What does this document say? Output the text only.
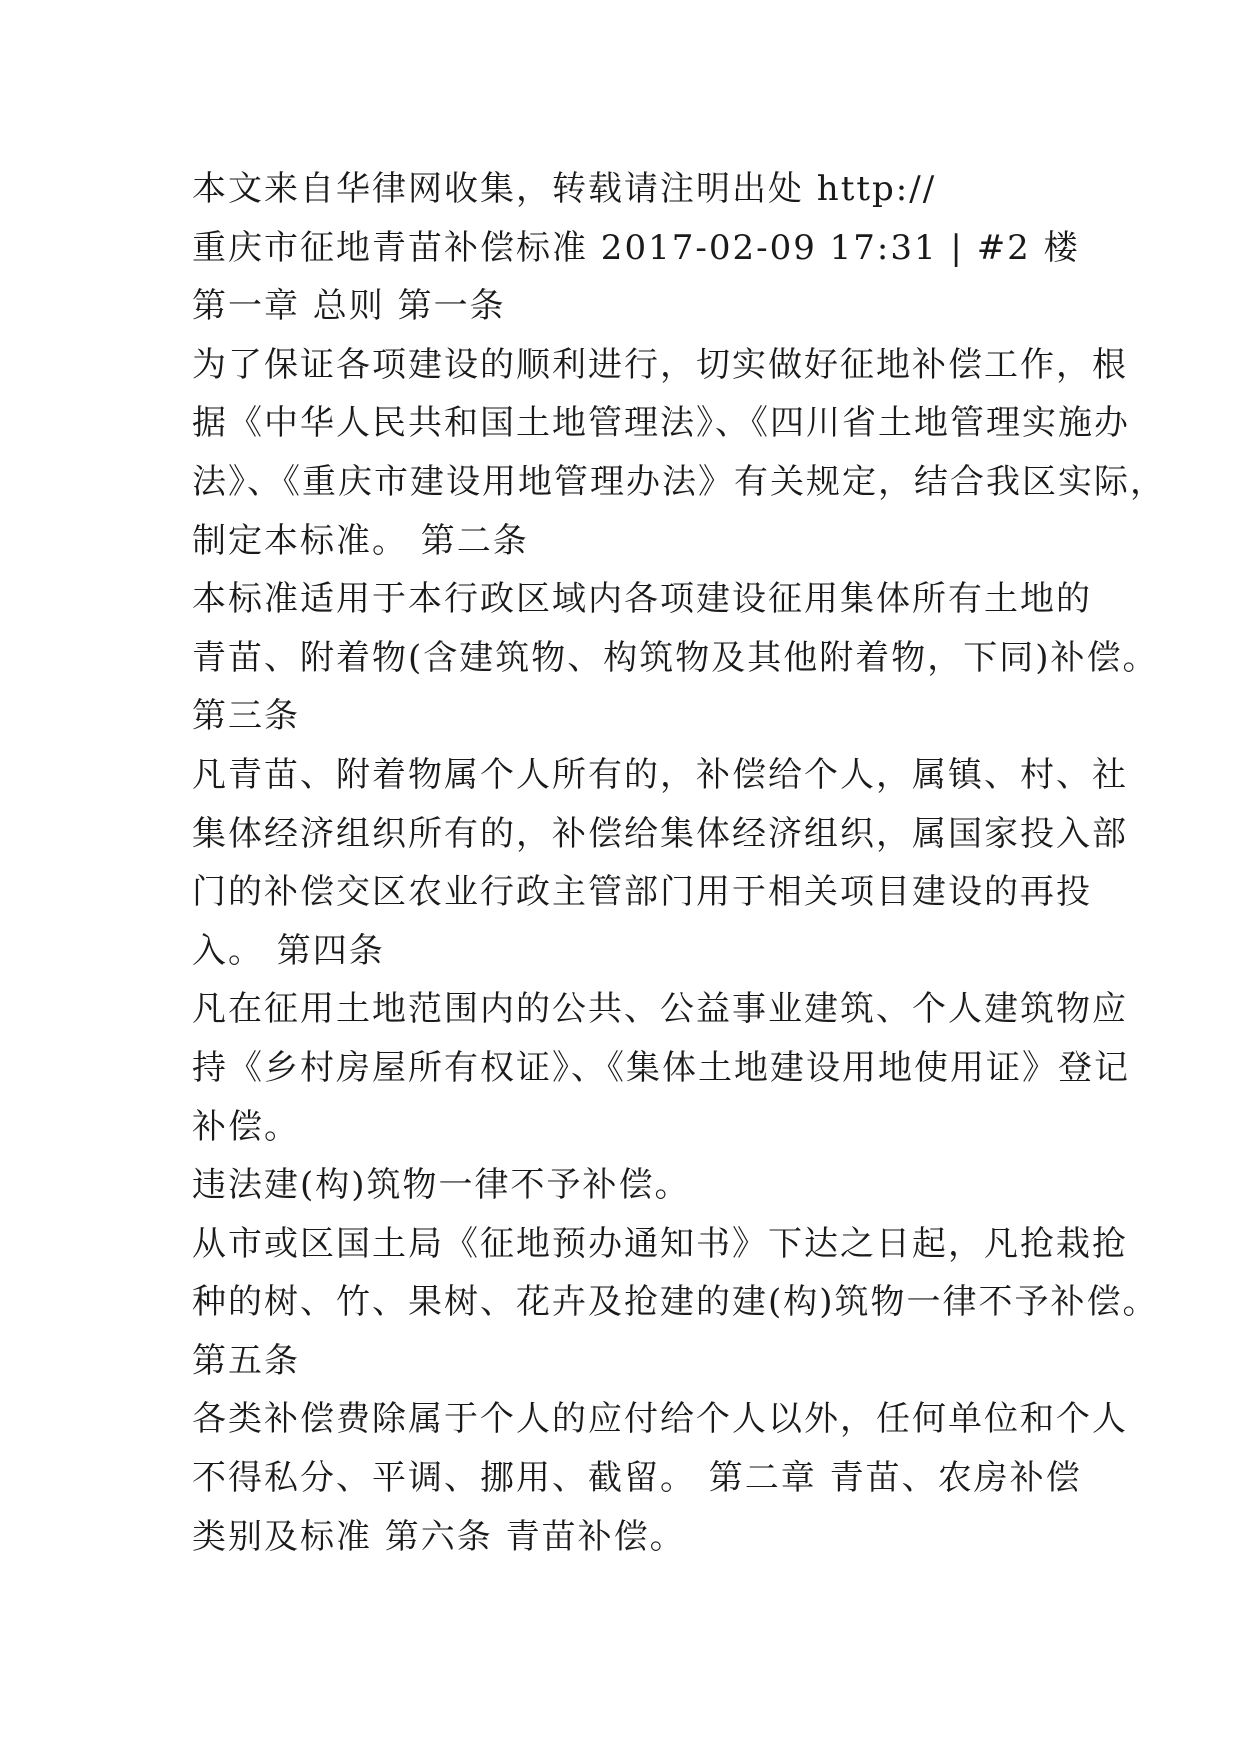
本文来自华律网收集，转载请注明出处 http://
重庆市征地青苗补偿标准 2017-02-09 17:31 | #2 楼
第一章 总则 第一条
为了保证各项建设的顺利进行，切实做好征地补偿工作，根
据《中华人民共和国土地管理法》、《四川省土地管理实施办
法》、《重庆市建设用地管理办法》有关规定，结合我区实际，
制定本标准。 第二条
本标准适用于本行政区域内各项建设征用集体所有土地的
青苗、附着物(含建筑物、构筑物及其他附着物，下同)补偿。
第三条
凡青苗、附着物属个人所有的，补偿给个人，属镇、村、社
集体经济组织所有的，补偿给集体经济组织，属国家投入部
门的补偿交区农业行政主管部门用于相关项目建设的再投
入。 第四条
凡在征用土地范围内的公共、公益事业建筑、个人建筑物应
持《乡村房屋所有权证》、《集体土地建设用地使用证》登记
补偿。
违法建(构)筑物一律不予补偿。
从市或区国土局《征地预办通知书》下达之日起，凡抢栽抢
种的树、竹、果树、花卉及抢建的建(构)筑物一律不予补偿。
第五条
各类补偿费除属于个人的应付给个人以外，任何单位和个人
不得私分、平调、挪用、截留。 第二章 青苗、农房补偿
类别及标准 第六条 青苗补偿。
